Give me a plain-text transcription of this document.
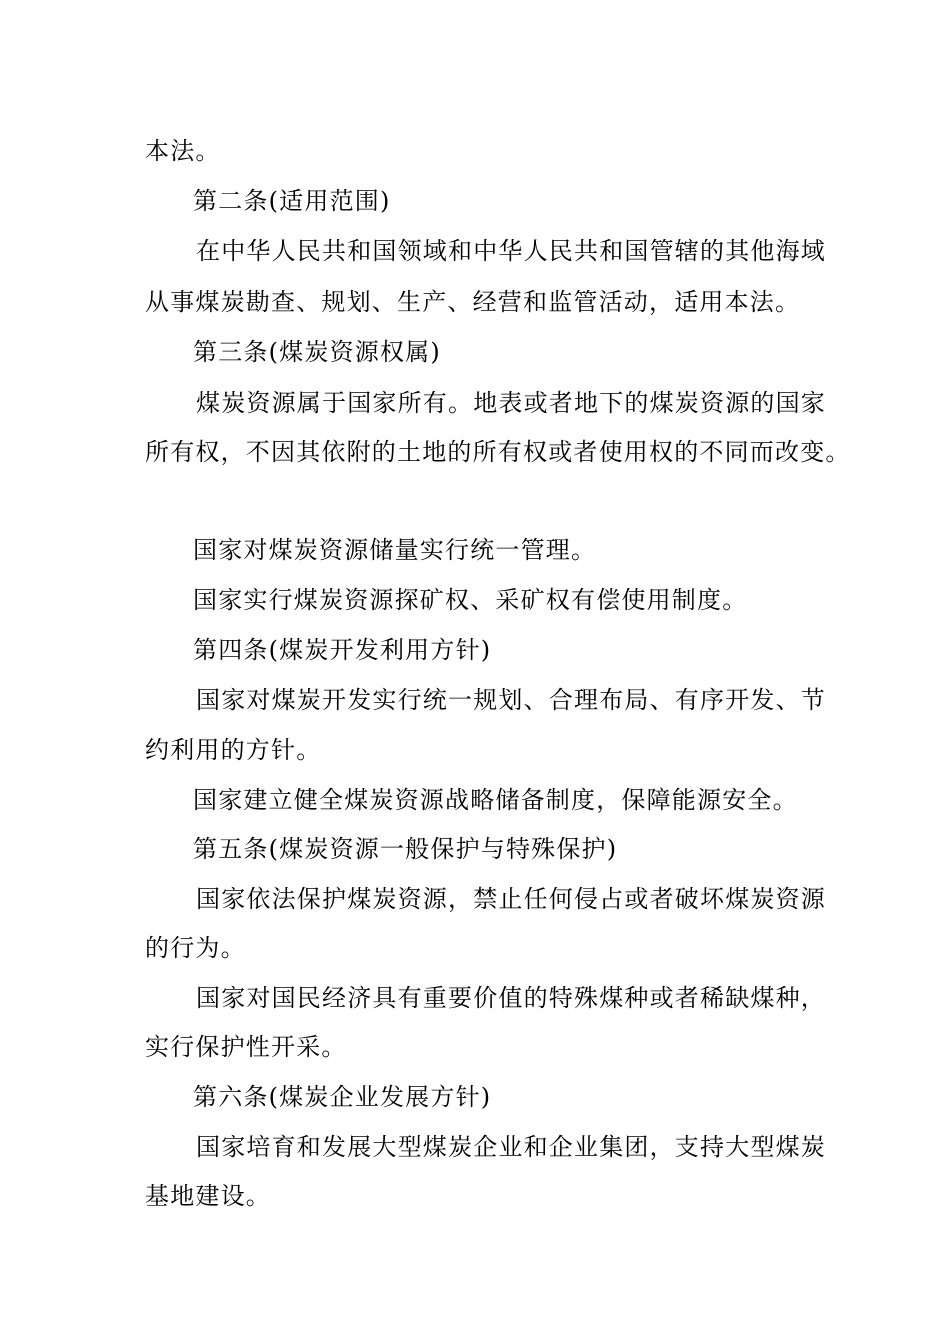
本法。
第二条(适用范围)
在中华人民共和国领域和中华人民共和国管辖的其他海域
从事煤炭勘查、规划、生产、经营和监管活动，适用本法。
第三条(煤炭资源权属)
煤炭资源属于国家所有。地表或者地下的煤炭资源的国家
所有权，不因其依附的土地的所有权或者使用权的不同而改变。
国家对煤炭资源储量实行统一管理。
国家实行煤炭资源探矿权、采矿权有偿使用制度。
第四条(煤炭开发利用方针)
国家对煤炭开发实行统一规划、合理布局、有序开发、节
约利用的方针。
国家建立健全煤炭资源战略储备制度，保障能源安全。
第五条(煤炭资源一般保护与特殊保护)
国家依法保护煤炭资源，禁止任何侵占或者破坏煤炭资源
的行为。
国家对国民经济具有重要价值的特殊煤种或者稀缺煤种，
实行保护性开采。
第六条(煤炭企业发展方针)
国家培育和发展大型煤炭企业和企业集团，支持大型煤炭
基地建设。
